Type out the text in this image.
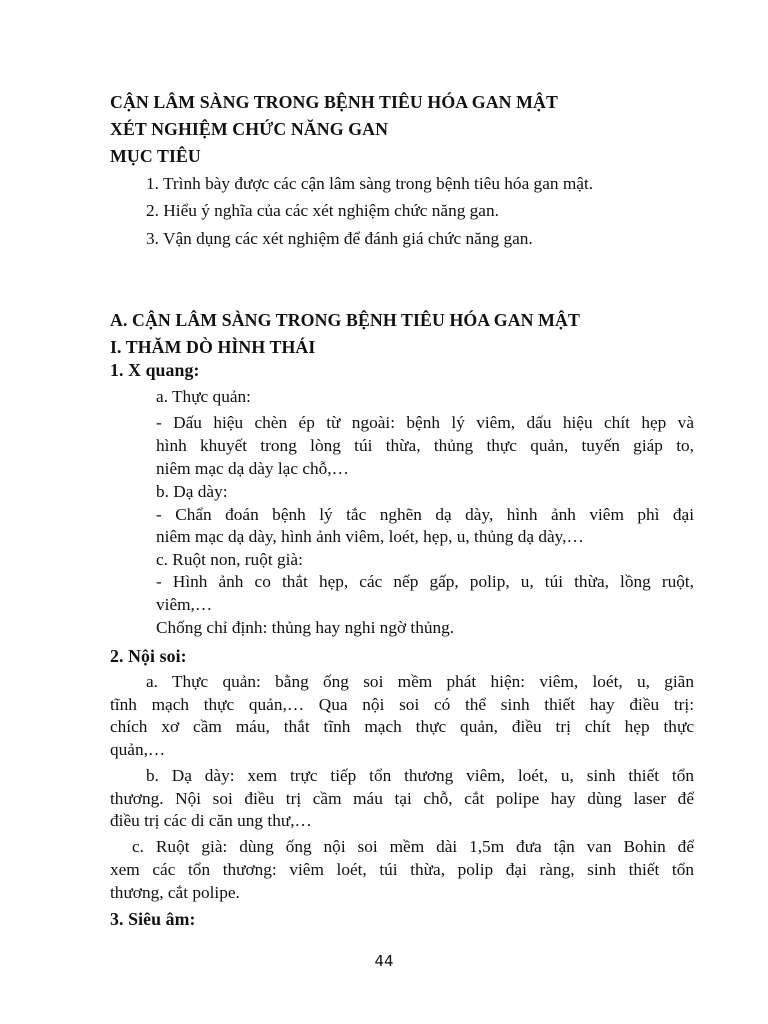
CẬN LÂM SÀNG TRONG BỆNH TIÊU HÓA GAN MẬT
XÉT NGHIỆM CHỨC NĂNG GAN
MỤC TIÊU
1. Trình bày được các cận lâm sàng trong bệnh tiêu hóa gan mật.
2. Hiểu ý nghĩa của các xét nghiệm chức năng gan.
3. Vận dụng các xét nghiệm để đánh giá chức năng gan.
A. CẬN LÂM SÀNG TRONG BỆNH TIÊU HÓA GAN MẬT
I. THĂM DÒ HÌNH THÁI
1. X quang:
a. Thực quản:
- Dấu hiệu chèn ép từ ngoài: bệnh lý viêm, dấu hiệu chít hẹp và
hình khuyết trong lòng túi thừa, thủng thực quản, tuyến giáp to,
niêm mạc dạ dày lạc chỗ,…
b. Dạ dày:
- Chẩn đoán bệnh lý tắc nghẽn dạ dày, hình ảnh viêm phì đại
niêm mạc dạ dày, hình ảnh viêm, loét, hẹp, u, thủng dạ dày,…
c. Ruột non, ruột già:
- Hình ảnh co thắt hẹp, các nếp gấp, polip, u, túi thừa, lồng ruột,
viêm,…
Chống chỉ định: thủng hay nghi ngờ thủng.
2. Nội soi:
a. Thực quản: bằng ống soi mềm phát hiện: viêm, loét, u, giãn
tĩnh mạch thực quản,… Qua nội soi có thể sinh thiết hay điều trị:
chích xơ cầm máu, thắt tĩnh mạch thực quản, điều trị chít hẹp thực
quản,…
b. Dạ dày: xem trực tiếp tổn thương viêm, loét, u, sinh thiết tổn
thương. Nội soi điều trị cầm máu tại chỗ, cắt polipe hay dùng laser để
điều trị các di căn ung thư,…
c. Ruột già: dùng ống nội soi mềm dài 1,5m đưa tận van Bohin để
xem các tổn thương: viêm loét, túi thừa, polip đại ràng, sinh thiết tổn
thương, cắt polipe.
3. Siêu âm:
44
